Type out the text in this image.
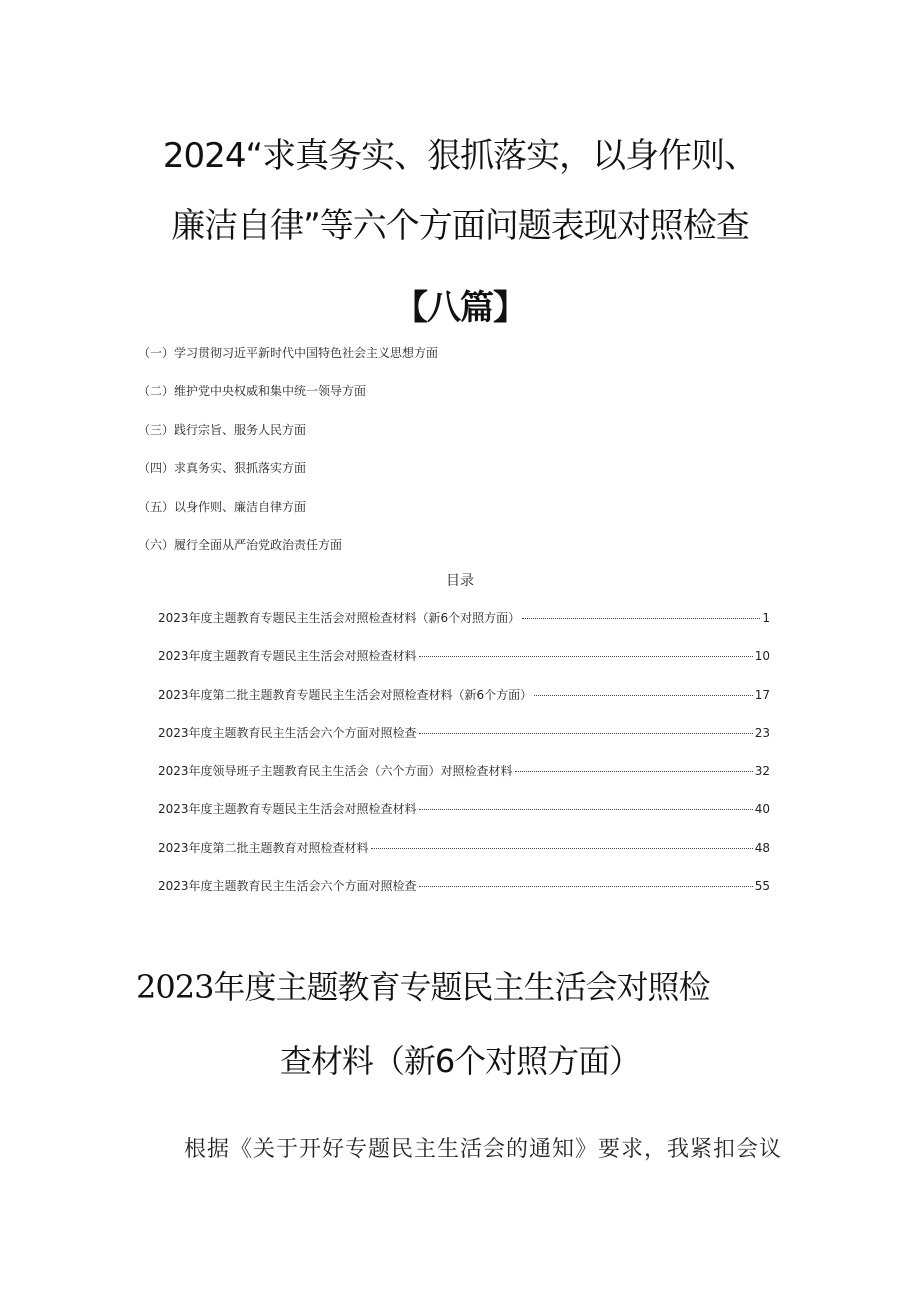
2024“求真务实、狠抓落实，以身作则、
廉洁自律”等六个方面问题表现对照检查
【八篇】
（一）学习贯彻习近平新时代中国特色社会主义思想方面
（二）维护党中央权威和集中统一领导方面
（三）践行宗旨、服务人民方面
（四）求真务实、狠抓落实方面
（五）以身作则、廉洁自律方面
（六）履行全面从严治党政治责任方面
目录
2023年度主题教育专题民主生活会对照检查材料（新6个对照方面）	1
2023年度主题教育专题民主生活会对照检查材料	10
2023年度第二批主题教育专题民主生活会对照检查材料（新6个方面）	17
2023年度主题教育民主生活会六个方面对照检查	23
2023年度领导班子主题教育民主生活会（六个方面）对照检查材料	32
2023年度主题教育专题民主生活会对照检查材料	40
2023年度第二批主题教育对照检查材料	48
2023年度主题教育民主生活会六个方面对照检查	55
2023年度主题教育专题民主生活会对照检
查材料（新6个对照方面）

根据《关于开好专题民主生活会的通知》要求，我紧扣会议
